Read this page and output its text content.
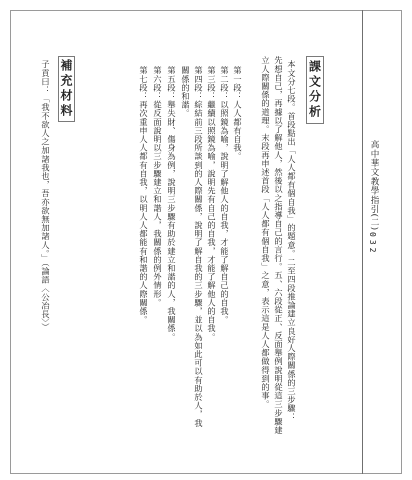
高中華文教學指引(二)
032
課文分析
本文分七段。首段點出「人人都有個自我」的題意。二至四段推論建立良好人際關係的三步驟：
先想自己，再據以了解他人，然後以之指導自己的言行。五、六段從正、反面舉例說明從這三步驟建
立人際關係的道理。末段再申述首段「人人都有個自我」之意，表示這是人人都做得到的事。
第一段：人人都有自我。
第二段：以照鏡為喻，說明了解他人的自我，才能了解自己的自我。
第三段：繼續以照鏡為喻，說明先有自己的自我，才能了解他人的自我。
第四段：綜結前三段所談到的人際關係，說明了解自我的三步驟，並以為如此可以有助於人，我
關係的和諧。
第五段：舉失財、傷身為例，說明三步驟有助於建立和諧的人，我關係。
第六段：從反面說明以三步驟建立和諧人，我關係的例外情形。
第七段：再次重申人人都有自我，以明人人都能有和諧的人際關係。
補充材料
子貢曰：「我不欲人之加諸我也，吾亦欲無加諸人。」（論語〈公冶長〉）
